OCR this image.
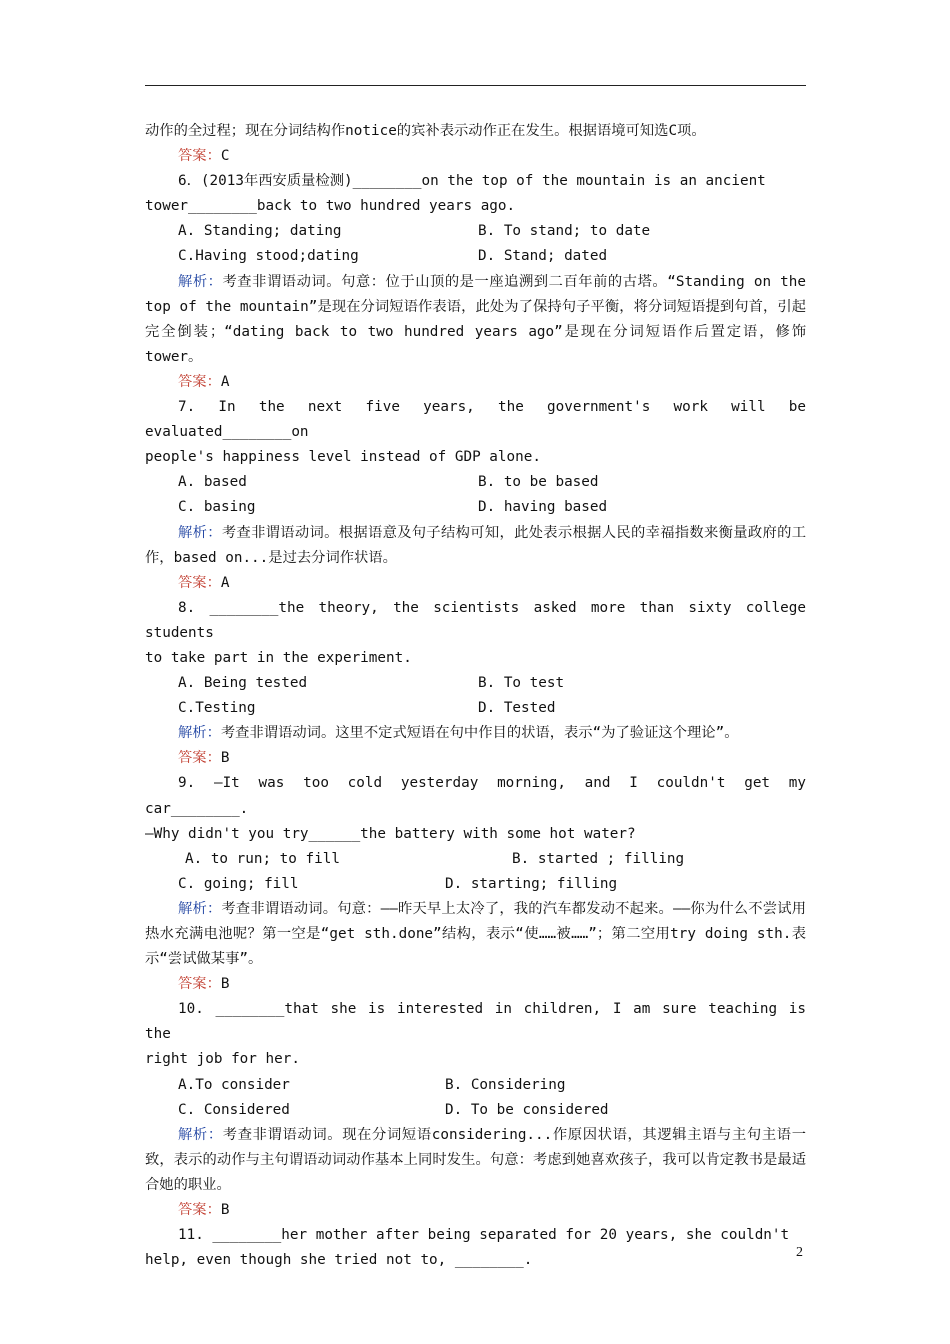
动作的全过程；现在分词结构作notice的宾补表示动作正在发生。根据语境可知选C项。

答案：C

6．(2013年西安质量检测)________on the top of the mountain is an ancient

tower________back to two hundred years ago.

A. Standing; dating	B. To stand; to date
C.Having stood;dating	D. Stand; dated

解析：考查非谓语动词。句意：位于山顶的是一座追溯到二百年前的古塔。“Standing on the top of the mountain”是现在分词短语作表语，此处为了保持句子平衡，将分词短语提到句首，引起完全倒装；“dating back to two hundred years ago”是现在分词短语作后置定语，修饰tower。

答案：A

7. In the next five years, the government's work will be evaluated________on

people's happiness level instead of GDP alone.

A. based	B. to be based
C. basing	D. having based

解析：考查非谓语动词。根据语意及句子结构可知，此处表示根据人民的幸福指数来衡量政府的工作，based on...是过去分词作状语。

答案：A

8. ________the theory, the scientists asked more than sixty college students

to take part in the experiment.

A. Being tested	B. To test
C.Testing	D. Tested

解析：考查非谓语动词。这里不定式短语在句中作目的状语，表示“为了验证这个理论”。

答案：B

9. —It was too cold yesterday morning, and I couldn't get my car________.

—Why didn't you try______the battery with some hot water?

A. to run; to fill	B. started ; filling
C. going; fill	D. starting; filling

解析：考查非谓语动词。句意：——昨天早上太冷了，我的汽车都发动不起来。——你为什么不尝试用热水充满电池呢？第一空是“get sth.done”结构，表示“使……被……”；第二空用try doing sth.表示“尝试做某事”。

答案：B

10. ________that she is interested in children, I am sure teaching is the

right job for her.

A.To consider	B. Considering
C. Considered	D. To be considered

解析：考查非谓语动词。现在分词短语considering...作原因状语，其逻辑主语与主句主语一致，表示的动作与主句谓语动词动作基本上同时发生。句意：考虑到她喜欢孩子，我可以肯定教书是最适合她的职业。

答案：B

11. ________her mother after being separated for 20 years, she couldn't

help, even though she tried not to, ________.	2
